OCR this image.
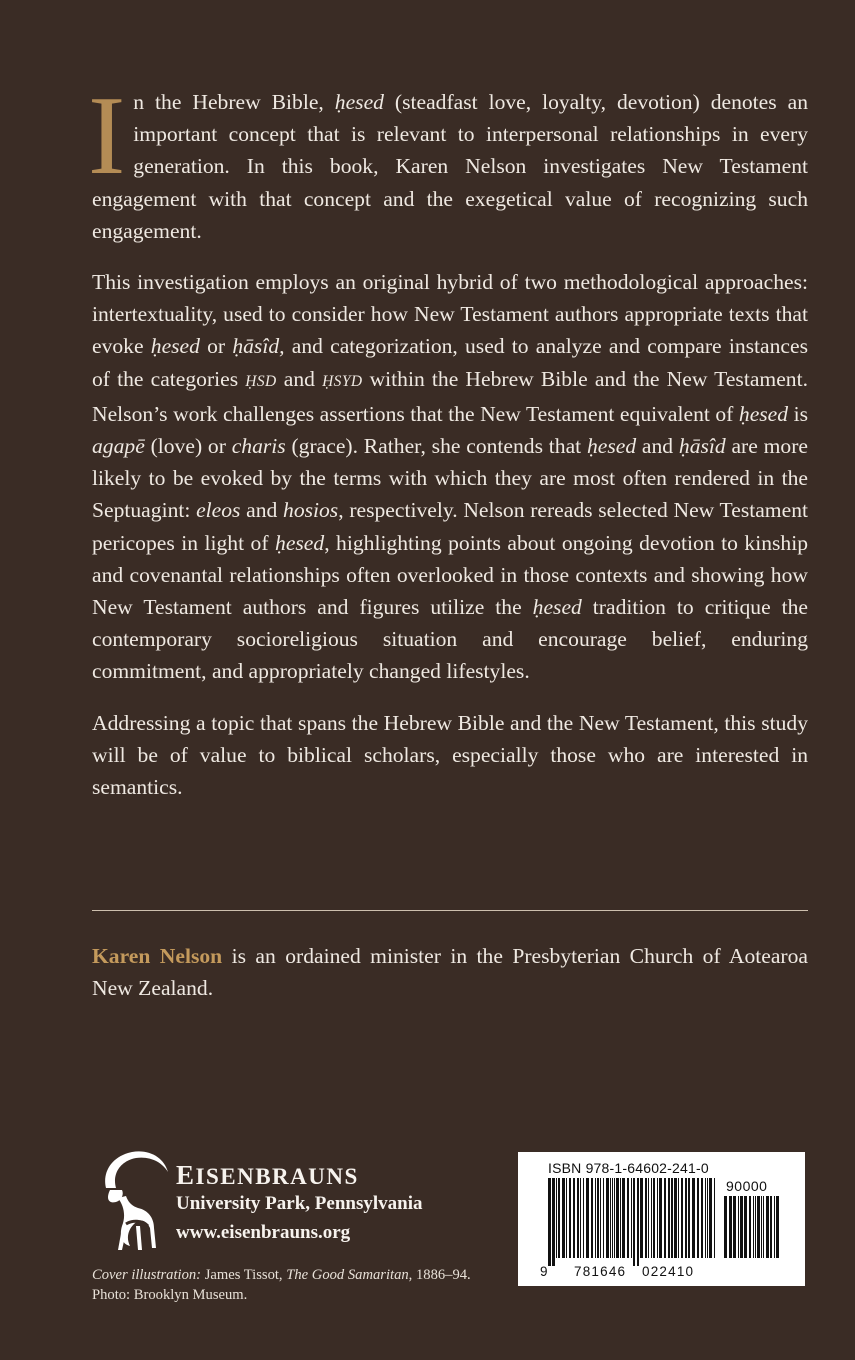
In the Hebrew Bible, ḥesed (steadfast love, loyalty, devotion) denotes an important concept that is relevant to interpersonal relationships in every generation. In this book, Karen Nelson investigates New Testament engagement with that concept and the exegetical value of recognizing such engagement.

This investigation employs an original hybrid of two methodological approaches: intertextuality, used to consider how New Testament authors appropriate texts that evoke ḥesed or ḥāsîd, and categorization, used to analyze and compare instances of the categories ḤSD and ḤSYD within the Hebrew Bible and the New Testament. Nelson’s work challenges assertions that the New Testament equivalent of ḥesed is agapē (love) or charis (grace). Rather, she contends that ḥesed and ḥāsîd are more likely to be evoked by the terms with which they are most often rendered in the Septuagint: eleos and hosios, respectively. Nelson rereads selected New Testament pericopes in light of ḥesed, highlighting points about ongoing devotion to kinship and covenantal relationships often overlooked in those contexts and showing how New Testament authors and figures utilize the ḥesed tradition to critique the contemporary socioreligious situation and encourage belief, enduring commitment, and appropriately changed lifestyles.

Addressing a topic that spans the Hebrew Bible and the New Testament, this study will be of value to biblical scholars, especially those who are interested in semantics.

Karen Nelson is an ordained minister in the Presbyterian Church of Aotearoa New Zealand.
EISENBRAUNS
University Park, Pennsylvania
www.eisenbrauns.org
Cover illustration: James Tissot, The Good Samaritan, 1886–94. Photo: Brooklyn Museum.
ISBN 978-1-64602-241-0
90000
9 781646 022410
